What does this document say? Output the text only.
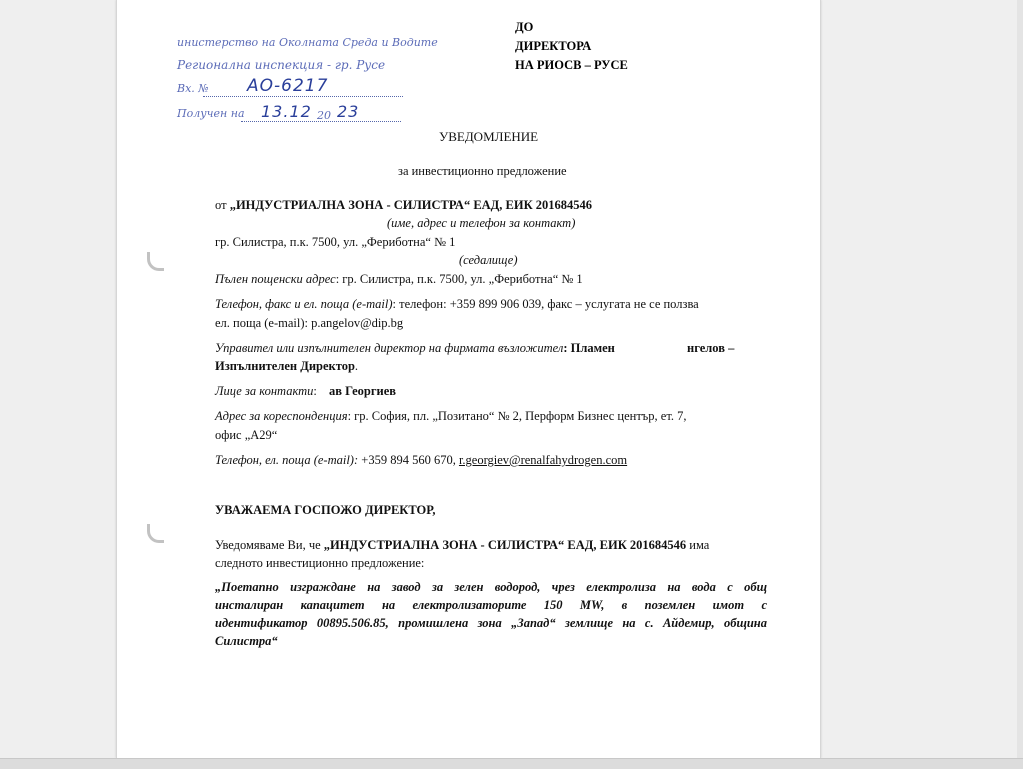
инистерство на Околната Среда и Водите
Регионална инспекция - гр. Русе
Вх. № АО-6217
Получен на 13.12 20 23
ДО
ДИРЕКТОРА
НА РИОСВ – РУСЕ
УВЕДОМЛЕНИЕ
за инвестиционно предложение
от „ИНДУСТРИАЛНА ЗОНА - СИЛИСТРА“ ЕАД, ЕИК 201684546
(име, адрес и телефон за контакт)
гр. Силистра, п.к. 7500, ул. „Фериботна“ № 1
(седалище)
Пълен пощенски адрес: гр. Силистра, п.к. 7500, ул. „Фериботна“ № 1
Телефон, факс и ел. поща (e-mail): телефон: +359 899 906 039, факс – услугата не се ползва
ел. поща (e-mail): p.angelov@dip.bg
Управител или изпълнителен директор на фирмата възложител: Пламен	нгелов –
Изпълнителен Директор.
Лице за контакти: ав Георгиев
Адрес за кореспонденция: гр. София, пл. „Позитано“ № 2, Перформ Бизнес център, ет. 7,
офис „А29“
Телефон, ел. поща (e-mail): +359 894 560 670, r.georgiev@renalfahydrogen.com
УВАЖАЕМА ГОСПОЖО ДИРЕКТОР,
Уведомяваме Ви, че „ИНДУСТРИАЛНА ЗОНА - СИЛИСТРА“ ЕАД, ЕИК 201684546 има
следното инвестиционно предложение:
„Поетапно изграждане на завод за зелен водород, чрез електролиза на вода с общ
инсталиран капацитет на електролизаторите 150 MW, в поземлен имот с
идентификатор 00895.506.85, промишлена зона „Запад“ землище на с. Айдемир, община
Силистра“
